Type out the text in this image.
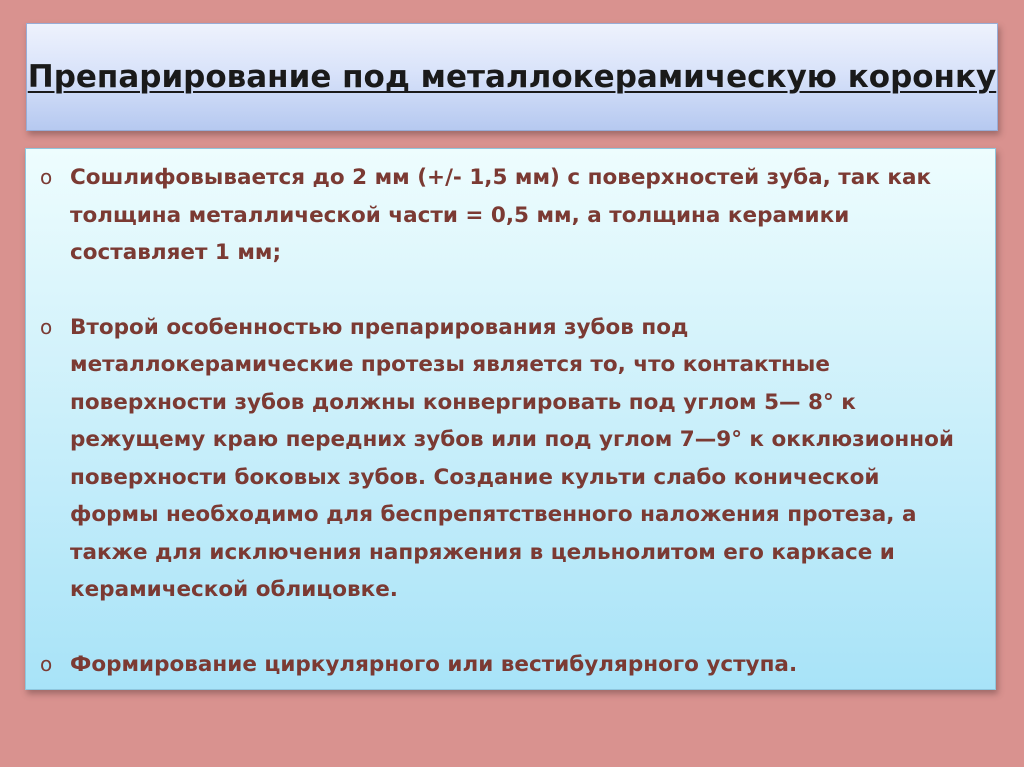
Препарирование под металлокерамическую коронку
o Сошлифовывается до 2 мм (+/- 1,5 мм) с поверхностей зуба, так как толщина металлической части = 0,5 мм, а толщина керамики составляет 1 мм;
o Второй особенностью препарирования зубов под металлокерамические протезы является то, что контактные поверхности зубов должны конвергировать под углом 5— 8° к режущему краю передних зубов или под углом 7—9° к окклюзионной поверхности боковых зубов. Создание культи слабо конической формы необходимо для беспрепятственного наложения протеза, а также для исключения напряжения в цельнолитом его каркасе и керамической облицовке.
o Формирование циркулярного или вестибулярного уступа.
